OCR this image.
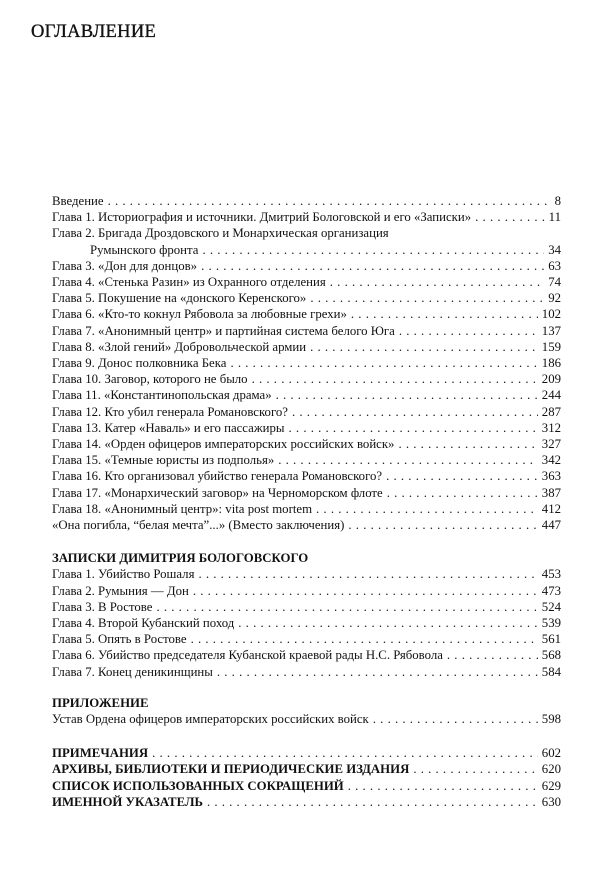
ОГЛАВЛЕНИЕ
Введение . . .	8
Глава 1. Историография и источники. Дмитрий Бологовской и его «Записки» . . .	11
Глава 2. Бригада Дроздовского и Монархическая организация
Румынского фронта . . .	34
Глава 3. «Дон для донцов» . . .	63
Глава 4. «Стенька Разин» из Охранного отделения . . .	74
Глава 5. Покушение на «донского Керенского» . . .	92
Глава 6. «Кто-то кокнул Рябовола за любовные грехи» . . .	102
Глава 7. «Анонимный центр» и партийная система белого Юга . . .	137
Глава 8. «Злой гений» Добровольческой армии . . .	159
Глава 9. Донос полковника Бека . . .	186
Глава 10. Заговор, которого не было . . .	209
Глава 11. «Константинопольская драма» . . .	244
Глава 12. Кто убил генерала Романовского? . . .	287
Глава 13. Катер «Наваль» и его пассажиры . . .	312
Глава 14. «Орден офицеров императорских российских войск» . . .	327
Глава 15. «Темные юристы из подполья» . . .	342
Глава 16. Кто организовал убийство генерала Романовского? . . .	363
Глава 17. «Монархический заговор» на Черноморском флоте . . .	387
Глава 18. «Анонимный центр»: vita post mortem . . .	412
«Она погибла, “белая мечта”...» (Вместо заключения) . . .	447
ЗАПИСКИ ДИМИТРИЯ БОЛОГОВСКОГО
Глава 1. Убийство Рошаля . . .	453
Глава 2. Румыния — Дон . . .	473
Глава 3. В Ростове . . .	524
Глава 4. Второй Кубанский поход . . .	539
Глава 5. Опять в Ростове . . .	561
Глава 6. Убийство председателя Кубанской краевой рады Н.С. Рябовола . . .	568
Глава 7. Конец деникинщины . . .	584
ПРИЛОЖЕНИЕ
Устав Ордена офицеров императорских российских войск . . .	598
ПРИМЕЧАНИЯ . . .	602
АРХИВЫ, БИБЛИОТЕКИ И ПЕРИОДИЧЕСКИЕ ИЗДАНИЯ . . .	620
СПИСОК ИСПОЛЬЗОВАННЫХ СОКРАЩЕНИЙ . . .	629
ИМЕННОЙ УКАЗАТЕЛЬ . . .	630
